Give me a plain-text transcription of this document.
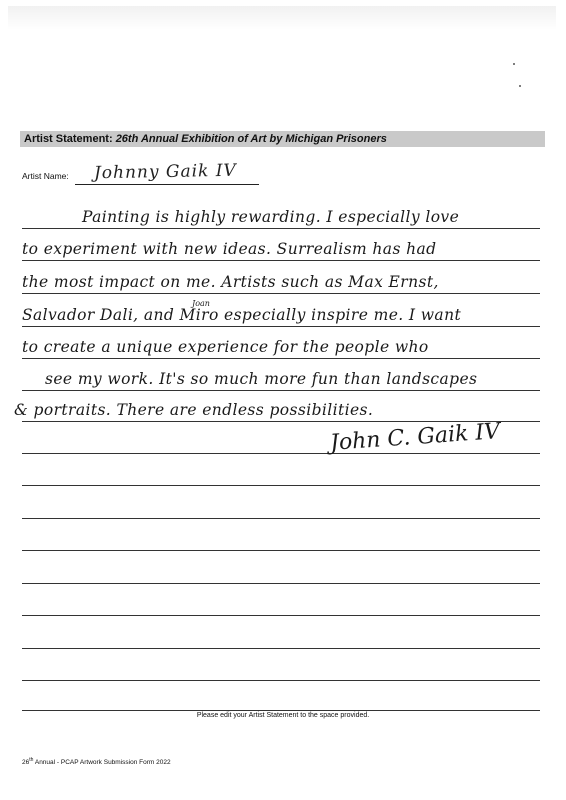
Artist Statement: 26th Annual Exhibition of Art by Michigan Prisoners
Artist Name: Johnny Gaik IV
Painting is highly rewarding. I especially love
to experiment with new ideas. Surrealism has had
the most impact on me. Artists such as Max Ernst,
Salvador Dali, and Miro especially inspire me. I want
to create a unique experience for the people who
see my work. It's so much more fun than landscapes
& portraits. There are endless possibilities.
Joan
John C. Gaik IV
Please edit your Artist Statement to the space provided.
26th Annual - PCAP Artwork Submission Form 2022
